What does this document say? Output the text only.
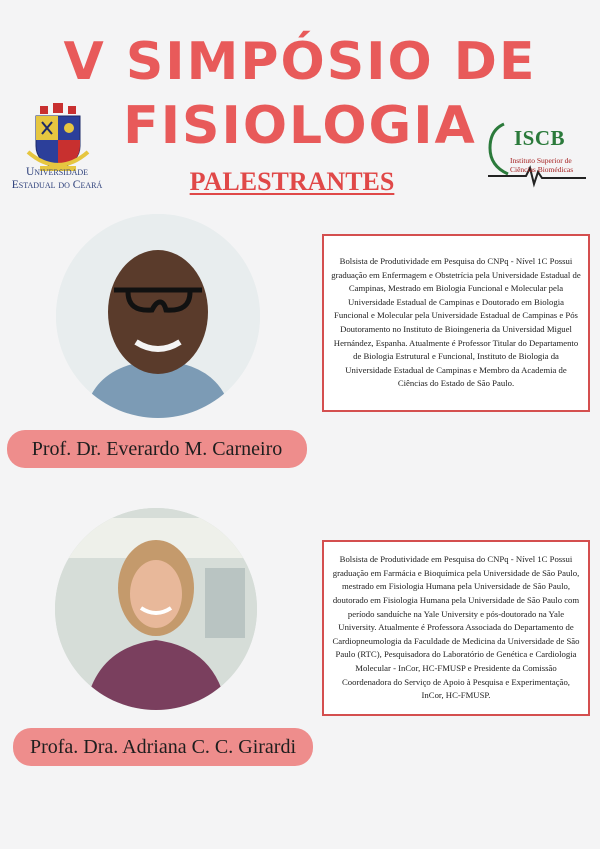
V SIMPÓSIO DE
FISIOLOGIA
PALESTRANTES
Universidade
Estadual do Ceará
ISCB
Instituto Superior de
Ciências Biomédicas
Bolsista de Produtividade em Pesquisa do CNPq - Nível 1C Possui graduação em Enfermagem e Obstetrícia pela Universidade Estadual de Campinas, Mestrado em Biologia Funcional e Molecular pela Universidade Estadual de Campinas e Doutorado em Biologia Funcional e Molecular pela Universidade Estadual de Campinas e Pós Doutoramento no Instituto de Bioingeneria da Universidad Miguel Hernández, Espanha. Atualmente é Professor Titular do Departamento de Biologia Estrutural e Funcional, Instituto de Biologia da Universidade Estadual de Campinas e Membro da Academia de Ciências do Estado de São Paulo.
Prof. Dr. Everardo M. Carneiro
Bolsista de Produtividade em Pesquisa do CNPq - Nível 1C Possui graduação em Farmácia e Bioquímica pela Universidade de São Paulo, mestrado em Fisiologia Humana pela Universidade de São Paulo, doutorado em Fisiologia Humana pela Universidade de São Paulo com período sanduíche na Yale University e pós-doutorado na Yale University. Atualmente é Professora Associada do Departamento de Cardiopneumologia da Faculdade de Medicina da Universidade de São Paulo (RTC), Pesquisadora do Laboratório de Genética e Cardiologia Molecular - InCor, HC-FMUSP e Presidente da Comissão Coordenadora do Serviço de Apoio à Pesquisa e Experimentação, InCor, HC-FMUSP.
Profa. Dra. Adriana C. C. Girardi
